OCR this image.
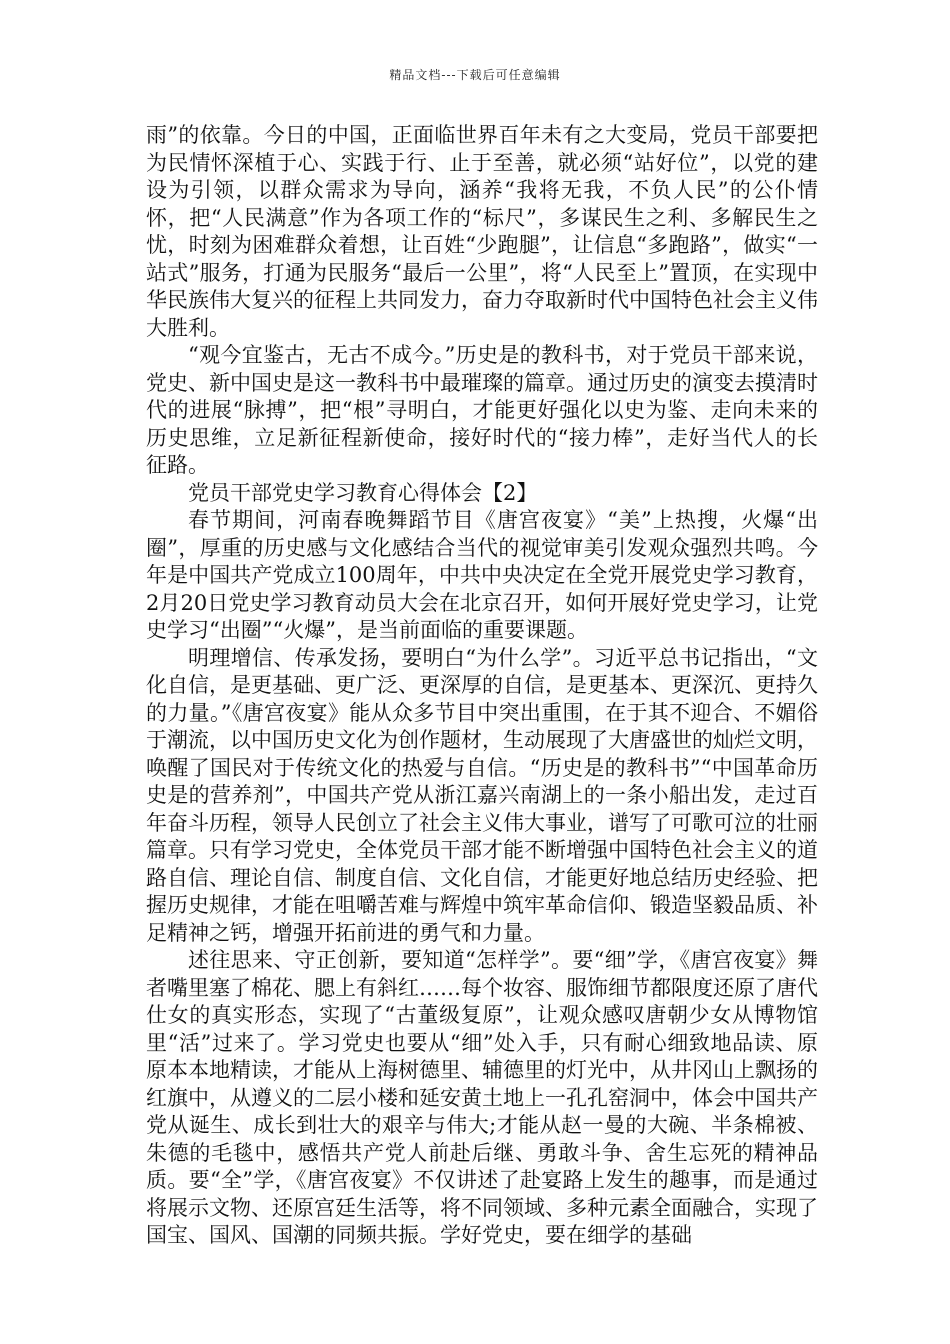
精品文档---下载后可任意编辑

雨”的依靠。今日的中国，正面临世界百年未有之大变局，党员干部要把为民情怀深植于心、实践于行、止于至善，就必须“站好位”，以党的建设为引领，以群众需求为导向，涵养“我将无我，不负人民”的公仆情怀，把“人民满意”作为各项工作的“标尺”，多谋民生之利、多解民生之忧，时刻为困难群众着想，让百姓“少跑腿”，让信息“多跑路”，做实“一站式”服务，打通为民服务“最后一公里”，将“人民至上”置顶，在实现中华民族伟大复兴的征程上共同发力，奋力夺取新时代中国特色社会主义伟大胜利。

“观今宜鉴古，无古不成今。”历史是的教科书，对于党员干部来说，党史、新中国史是这一教科书中最璀璨的篇章。通过历史的演变去摸清时代的进展“脉搏”，把“根”寻明白，才能更好强化以史为鉴、走向未来的历史思维，立足新征程新使命，接好时代的“接力棒”，走好当代人的长征路。

党员干部党史学习教育心得体会【2】

春节期间，河南春晚舞蹈节目《唐宫夜宴》“美”上热搜，火爆“出圈”，厚重的历史感与文化感结合当代的视觉审美引发观众强烈共鸣。今年是中国共产党成立100周年，中共中央决定在全党开展党史学习教育，2月20日党史学习教育动员大会在北京召开，如何开展好党史学习，让党史学习“出圈”“火爆”，是当前面临的重要课题。

明理增信、传承发扬，要明白“为什么学”。习近平总书记指出，“文化自信，是更基础、更广泛、更深厚的自信，是更基本、更深沉、更持久的力量。”《唐宫夜宴》能从众多节目中突出重围，在于其不迎合、不媚俗于潮流，以中国历史文化为创作题材，生动展现了大唐盛世的灿烂文明，唤醒了国民对于传统文化的热爱与自信。“历史是的教科书”“中国革命历史是的营养剂”，中国共产党从浙江嘉兴南湖上的一条小船出发，走过百年奋斗历程，领导人民创立了社会主义伟大事业，谱写了可歌可泣的壮丽篇章。只有学习党史，全体党员干部才能不断增强中国特色社会主义的道路自信、理论自信、制度自信、文化自信，才能更好地总结历史经验、把握历史规律，才能在咀嚼苦难与辉煌中筑牢革命信仰、锻造坚毅品质、补足精神之钙，增强开拓前进的勇气和力量。

述往思来、守正创新，要知道“怎样学”。要“细”学，《唐宫夜宴》舞者嘴里塞了棉花、腮上有斜红……每个妆容、服饰细节都限度还原了唐代仕女的真实形态，实现了“古董级复原”，让观众感叹唐朝少女从博物馆里“活”过来了。学习党史也要从“细”处入手，只有耐心细致地品读、原原本本地精读，才能从上海树德里、辅德里的灯光中，从井冈山上飘扬的红旗中，从遵义的二层小楼和延安黄土地上一孔孔窑洞中，体会中国共产党从诞生、成长到壮大的艰辛与伟大;才能从赵一曼的大碗、半条棉被、朱德的毛毯中，感悟共产党人前赴后继、勇敢斗争、舍生忘死的精神品质。要“全”学，《唐宫夜宴》不仅讲述了赴宴路上发生的趣事，而是通过将展示文物、还原宫廷生活等，将不同领域、多种元素全面融合，实现了国宝、国风、国潮的同频共振。学好党史，要在细学的基础
